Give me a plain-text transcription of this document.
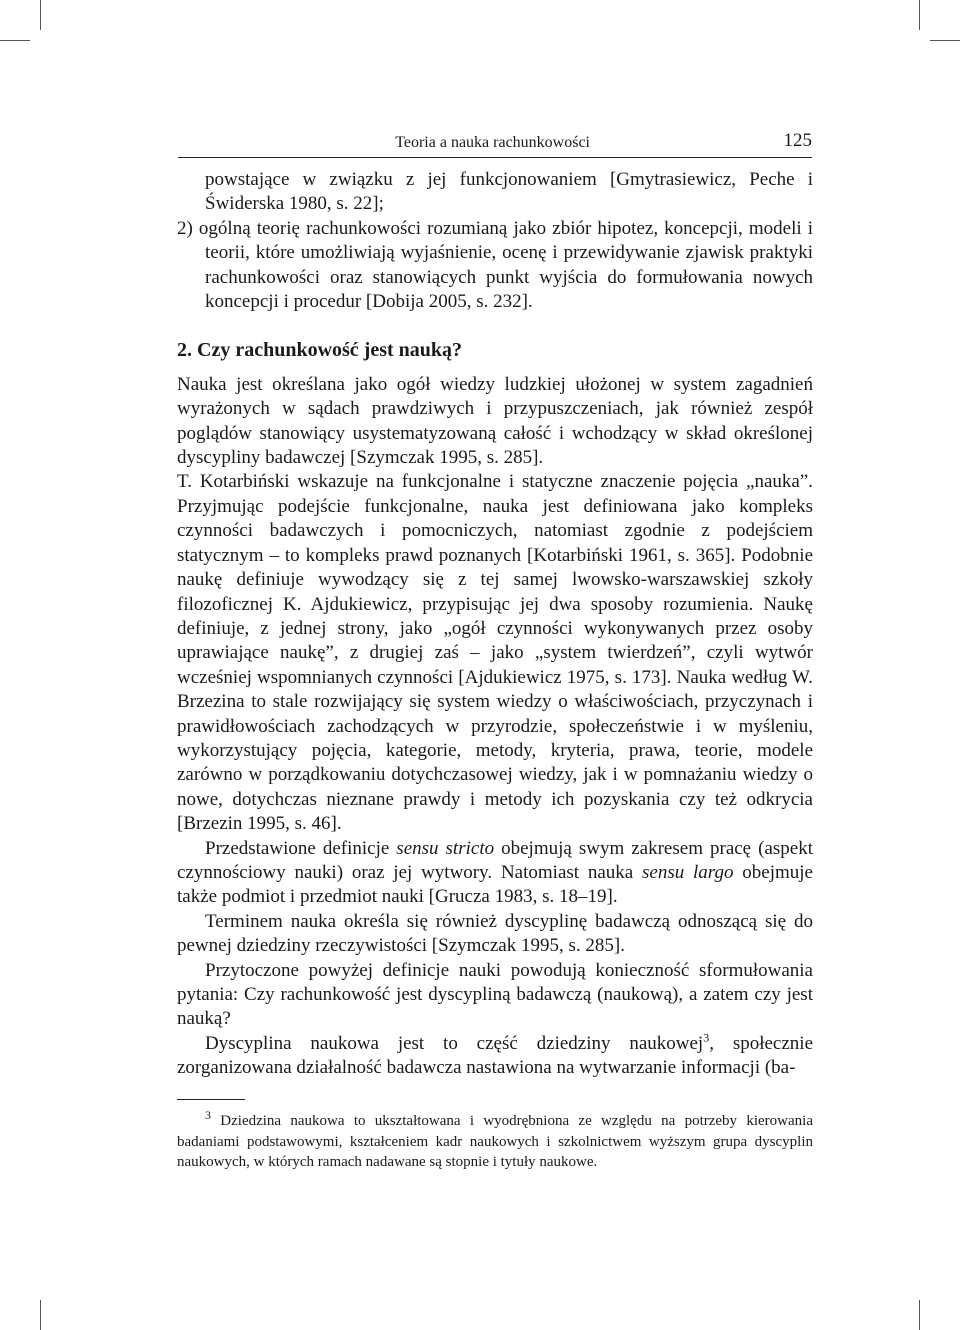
Teoria a nauka rachunkowości	125

powstające w związku z jej funkcjonowaniem [Gmytrasiewicz, Peche i Świderska 1980, s. 22];

2) ogólną teorię rachunkowości rozumianą jako zbiór hipotez, koncepcji, modeli i teorii, które umożliwiają wyjaśnienie, ocenę i przewidywanie zjawisk praktyki rachunkowości oraz stanowiących punkt wyjścia do formułowania nowych koncepcji i procedur [Dobija 2005, s. 232].

2. Czy rachunkowość jest nauką?

Nauka jest określana jako ogół wiedzy ludzkiej ułożonej w system zagadnień wyrażonych w sądach prawdziwych i przypuszczeniach, jak również zespół poglądów stanowiący usystematyzowaną całość i wchodzący w skład określonej dyscypliny badawczej [Szymczak 1995, s. 285].

T. Kotarbiński wskazuje na funkcjonalne i statyczne znaczenie pojęcia „nauka”. Przyjmując podejście funkcjonalne, nauka jest definiowana jako kompleks czynności badawczych i pomocniczych, natomiast zgodnie z podejściem statycznym – to kompleks prawd poznanych [Kotarbiński 1961, s. 365]. Podobnie naukę definiuje wywodzący się z tej samej lwowsko-warszawskiej szkoły filozoficznej K. Ajdukiewicz, przypisując jej dwa sposoby rozumienia. Naukę definiuje, z jednej strony, jako „ogół czynności wykonywanych przez osoby uprawiające naukę”, z drugiej zaś – jako „system twierdzeń”, czyli wytwór wcześniej wspomnianych czynności [Ajdukiewicz 1975, s. 173]. Nauka według W. Brzezina to stale rozwijający się system wiedzy o właściwościach, przyczynach i prawidłowościach zachodzących w przyrodzie, społeczeństwie i w myśleniu, wykorzystujący pojęcia, kategorie, metody, kryteria, prawa, teorie, modele zarówno w porządkowaniu dotychczasowej wiedzy, jak i w pomnażaniu wiedzy o nowe, dotychczas nieznane prawdy i metody ich pozyskania czy też odkrycia [Brzezin 1995, s. 46].

Przedstawione definicje sensu stricto obejmują swym zakresem pracę (aspekt czynnościowy nauki) oraz jej wytwory. Natomiast nauka sensu largo obejmuje także podmiot i przedmiot nauki [Grucza 1983, s. 18–19].

Terminem nauka określa się również dyscyplinę badawczą odnoszącą się do pewnej dziedziny rzeczywistości [Szymczak 1995, s. 285].

Przytoczone powyżej definicje nauki powodują konieczność sformułowania pytania: Czy rachunkowość jest dyscypliną badawczą (naukową), a zatem czy jest nauką?

Dyscyplina naukowa jest to część dziedziny naukowej$^3$, społecznie zorganizowana działalność badawcza nastawiona na wytwarzanie informacji (ba-

$^3$ Dziedzina naukowa to ukształtowana i wyodrębniona ze względu na potrzeby kierowania badaniami podstawowymi, kształceniem kadr naukowych i szkolnictwem wyższym grupa dyscyplin naukowych, w których ramach nadawane są stopnie i tytuły naukowe.
